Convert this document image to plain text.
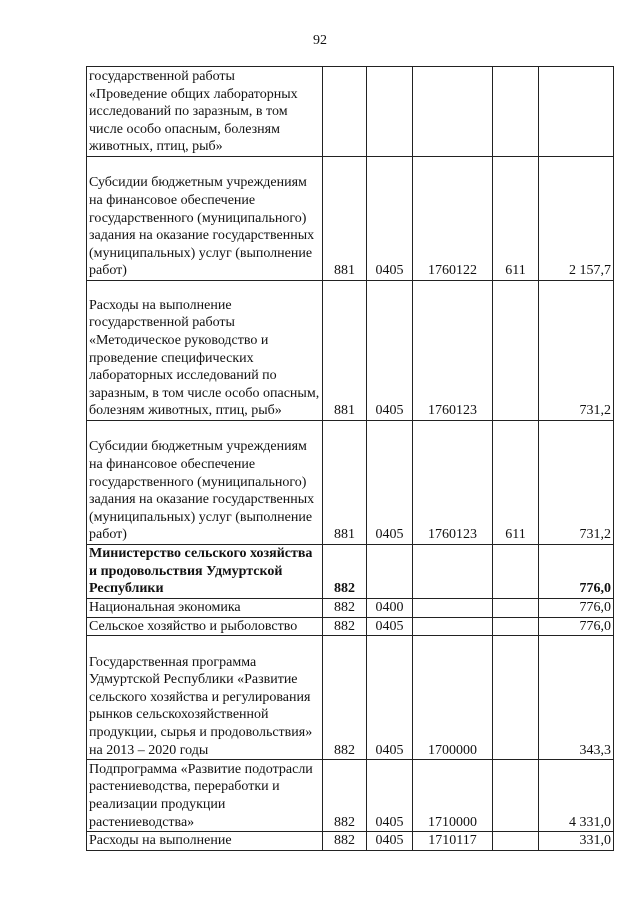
92
государственной работы
«Проведение общих лабораторных исследований по заразным, в том числе особо опасным, болезням животных, птиц, рыб»					
Субсидии бюджетным учреждениям на финансовое обеспечение государственного (муниципального) задания на оказание государственных (муниципальных) услуг (выполнение работ)	881	0405	1760122	611	2 157,7
Расходы на выполнение государственной работы «Методическое руководство и проведение специфических лабораторных исследований по заразным, в том числе особо опасным, болезням животных, птиц, рыб»	881	0405	1760123		731,2
Субсидии бюджетным учреждениям на финансовое обеспечение государственного (муниципального) задания на оказание государственных (муниципальных) услуг (выполнение работ)	881	0405	1760123	611	731,2
Министерство сельского хозяйства и продовольствия Удмуртской Республики	882				776,0
Национальная экономика	882	0400			776,0
Сельское хозяйство и рыболовство	882	0405			776,0
Государственная программа Удмуртской Республики «Развитие сельского хозяйства и регулирования рынков сельскохозяйственной продукции, сырья и продовольствия» на 2013 – 2020 годы	882	0405	1700000		343,3
Подпрограмма «Развитие подотрасли растениеводства, переработки и реализации продукции растениеводства»	882	0405	1710000		4 331,0
Расходы на выполнение	882	0405	1710117		331,0
